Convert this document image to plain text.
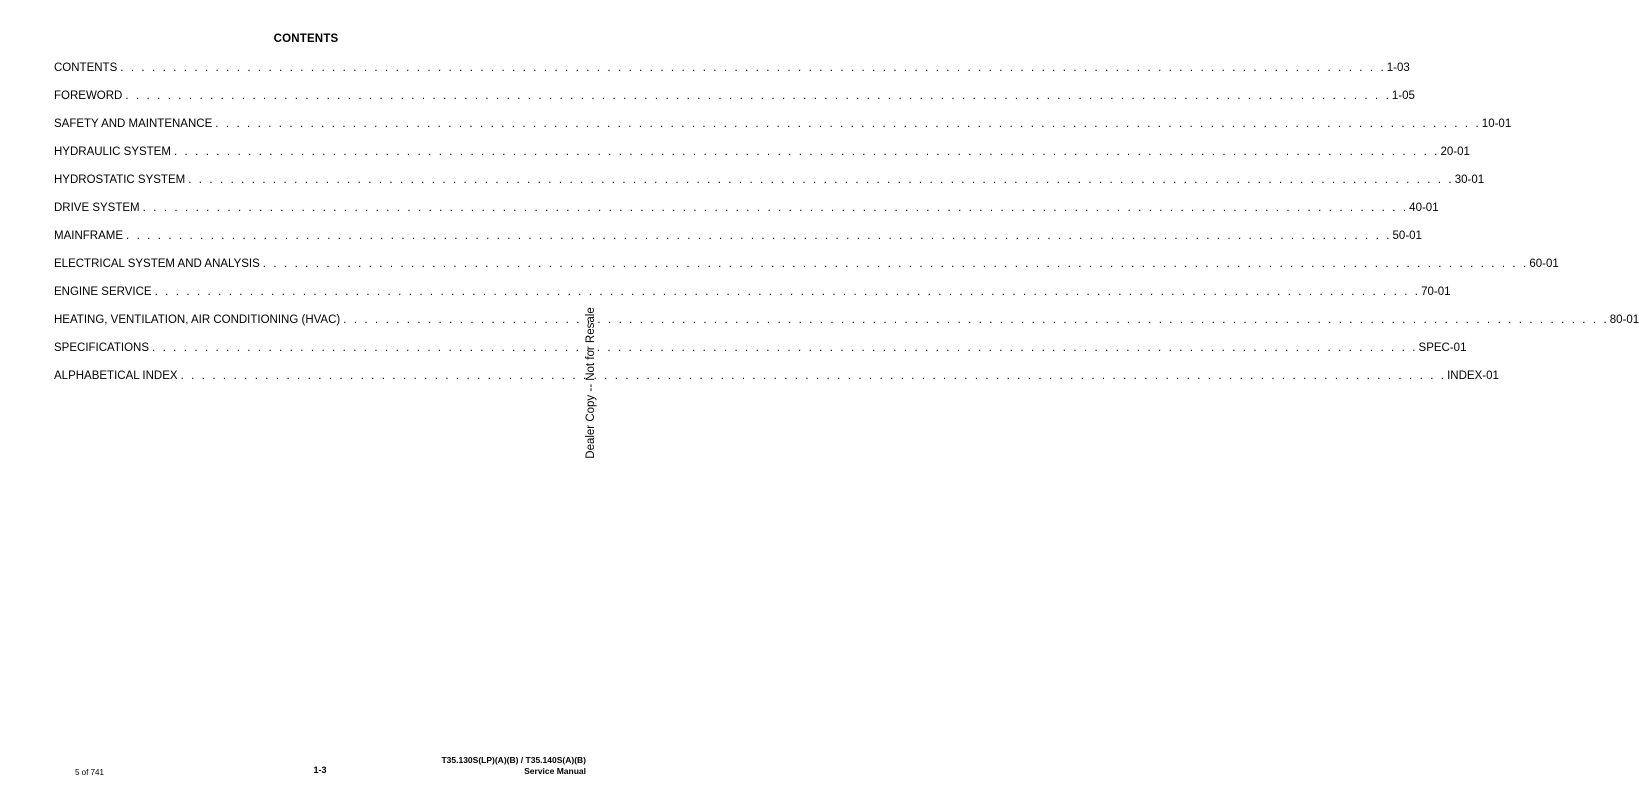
CONTENTS
CONTENTS . . . . . . . . . . . . . . . . . . . . . . . . . . . . . . . . . . . . . . . . . . . . . . . . . . . . . . . . . . . . . . . . . . . . . . . . . . . . . . . . . . . . . . . . . . . . . . . . . . . . . . . . . . . . . . . . . . . . . . . . 1-03
FOREWORD . . . . . . . . . . . . . . . . . . . . . . . . . . . . . . . . . . . . . . . . . . . . . . . . . . . . . . . . . . . . . . . . . . . . . . . . . . . . . . . . . . . . . . . . . . . . . . . . . . . . . . . . . . . . . . . . . . . . . . . . 1-05
SAFETY AND MAINTENANCE . . . . . . . . . . . . . . . . . . . . . . . . . . . . . . . . . . . . . . . . . . . . . . . . . . . . . . . . . . . . . . . . . . . . . . . . . . . . . . . . . . . . . . . . . . . . . . . . . . . . . . . . . . . . . . . . . . . . . . . . 10-01
HYDRAULIC SYSTEM . . . . . . . . . . . . . . . . . . . . . . . . . . . . . . . . . . . . . . . . . . . . . . . . . . . . . . . . . . . . . . . . . . . . . . . . . . . . . . . . . . . . . . . . . . . . . . . . . . . . . . . . . . . . . . . . . . . . . . . . 20-01
HYDROSTATIC SYSTEM . . . . . . . . . . . . . . . . . . . . . . . . . . . . . . . . . . . . . . . . . . . . . . . . . . . . . . . . . . . . . . . . . . . . . . . . . . . . . . . . . . . . . . . . . . . . . . . . . . . . . . . . . . . . . . . . . . . . . . . . 30-01
DRIVE SYSTEM . . . . . . . . . . . . . . . . . . . . . . . . . . . . . . . . . . . . . . . . . . . . . . . . . . . . . . . . . . . . . . . . . . . . . . . . . . . . . . . . . . . . . . . . . . . . . . . . . . . . . . . . . . . . . . . . . . . . . . . . 40-01
MAINFRAME . . . . . . . . . . . . . . . . . . . . . . . . . . . . . . . . . . . . . . . . . . . . . . . . . . . . . . . . . . . . . . . . . . . . . . . . . . . . . . . . . . . . . . . . . . . . . . . . . . . . . . . . . . . . . . . . . . . . . . . . 50-01
ELECTRICAL SYSTEM AND ANALYSIS . . . . . . . . . . . . . . . . . . . . . . . . . . . . . . . . . . . . . . . . . . . . . . . . . . . . . . . . . . . . . . . . . . . . . . . . . . . . . . . . . . . . . . . . . . . . . . . . . . . . . . . . . . . . . . . . . . . . . . . . 60-01
ENGINE SERVICE . . . . . . . . . . . . . . . . . . . . . . . . . . . . . . . . . . . . . . . . . . . . . . . . . . . . . . . . . . . . . . . . . . . . . . . . . . . . . . . . . . . . . . . . . . . . . . . . . . . . . . . . . . . . . . . . . . . . . . . . 70-01
HEATING, VENTILATION, AIR CONDITIONING (HVAC) . . . . . . . . . . . . . . . . . . . . . . . . . . . . . . . . . . . . . . . . . . . . . . . . . . . . . . . . . . . . . . . . . . . . . . . . . . . . . . . . . . . . . . . . . . . . . . . . . . . . . . . . . . . . . . . . . . . . . . . . 80-01
SPECIFICATIONS . . . . . . . . . . . . . . . . . . . . . . . . . . . . . . . . . . . . . . . . . . . . . . . . . . . . . . . . . . . . . . . . . . . . . . . . . . . . . . . . . . . . . . . . . . . . . . . . . . . . . . . . . . . . . . . . . . . . . . . . SPEC-01
ALPHABETICAL INDEX . . . . . . . . . . . . . . . . . . . . . . . . . . . . . . . . . . . . . . . . . . . . . . . . . . . . . . . . . . . . . . . . . . . . . . . . . . . . . . . . . . . . . . . . . . . . . . . . . . . . . . . . . . . . . . . . . . . . . . . . INDEX-01
Dealer Copy -- Not for Resale
5 of 741	1-3
T35.130S(LP)(A)(B) / T35.140S(A)(B)
Service Manual
